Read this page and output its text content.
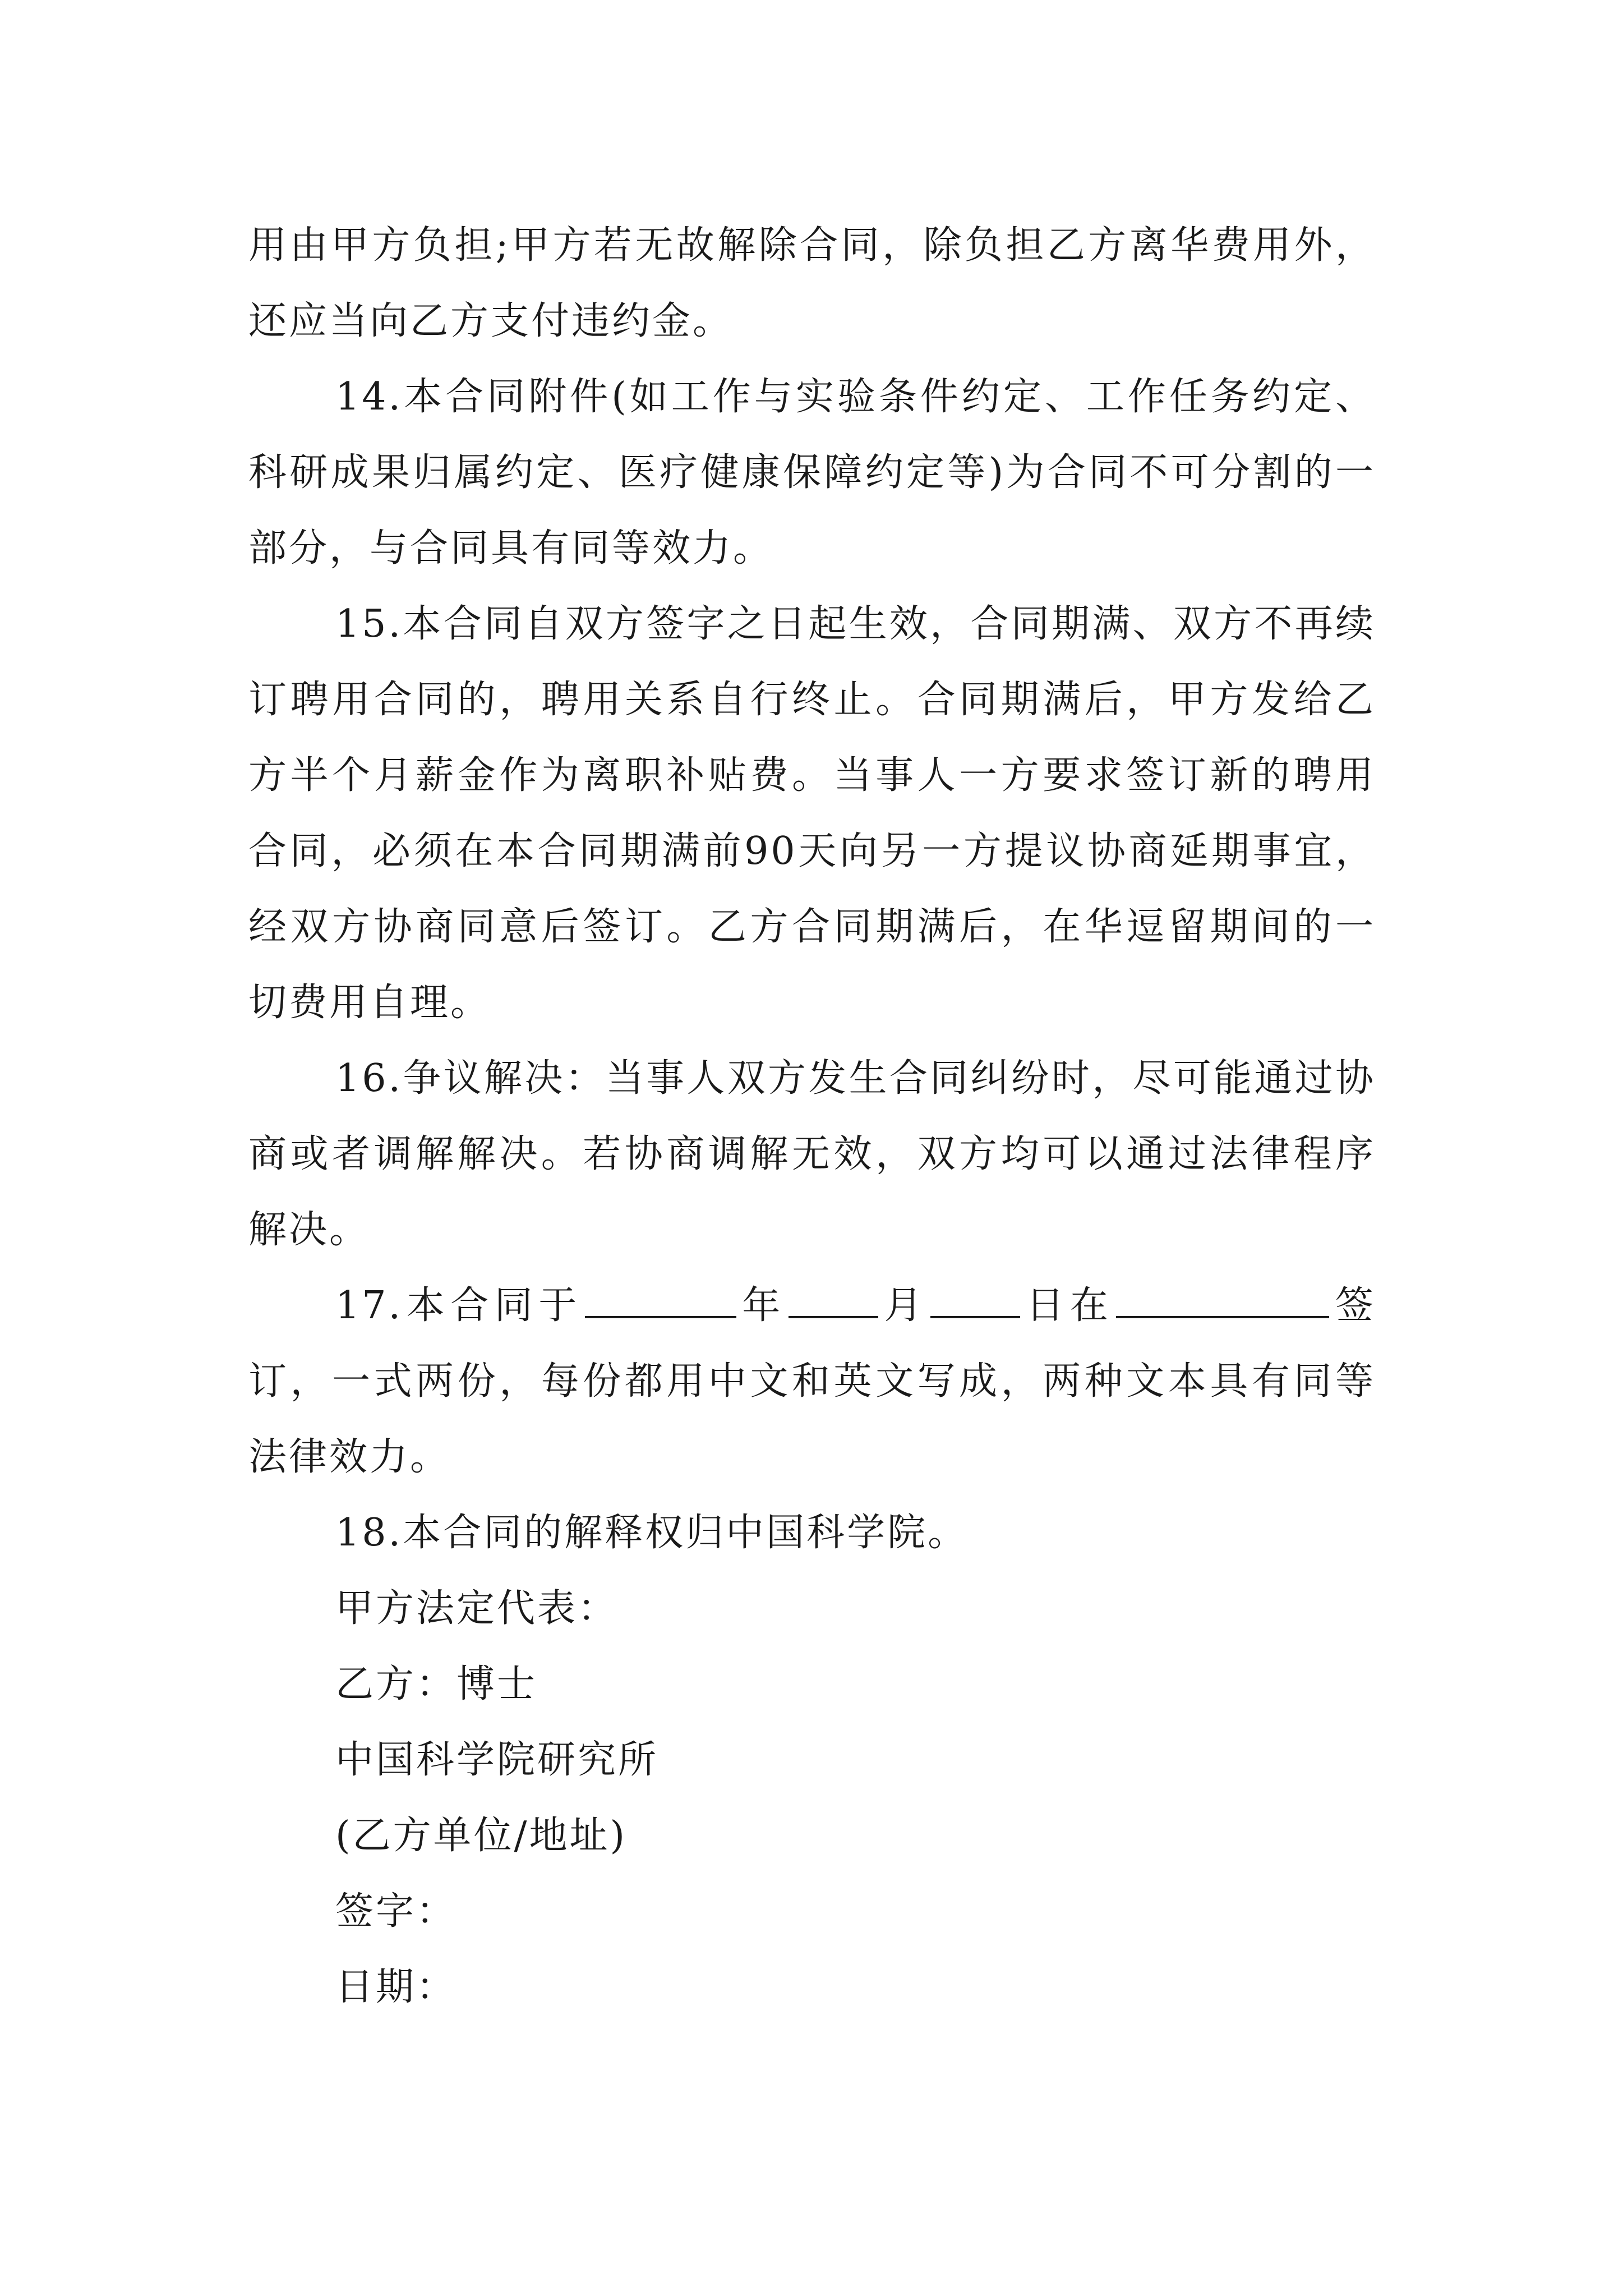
用由甲方负担;甲方若无故解除合同，除负担乙方离华费用外，还应当向乙方支付违约金。

14.本合同附件(如工作与实验条件约定、工作任务约定、科研成果归属约定、医疗健康保障约定等)为合同不可分割的一部分，与合同具有同等效力。

15.本合同自双方签字之日起生效，合同期满、双方不再续订聘用合同的，聘用关系自行终止。合同期满后，甲方发给乙方半个月薪金作为离职补贴费。当事人一方要求签订新的聘用合同，必须在本合同期满前90天向另一方提议协商延期事宜，经双方协商同意后签订。乙方合同期满后，在华逗留期间的一切费用自理。

16.争议解决：当事人双方发生合同纠纷时，尽可能通过协商或者调解解决。若协商调解无效，双方均可以通过法律程序解决。

17.本合同于	年 月 日在	签订，一式两份，每份都用中文和英文写成，两种文本具有同等法律效力。

18.本合同的解释权归中国科学院。

甲方法定代表：

乙方：博士

中国科学院研究所

(乙方单位/地址)

签字：

日期：
